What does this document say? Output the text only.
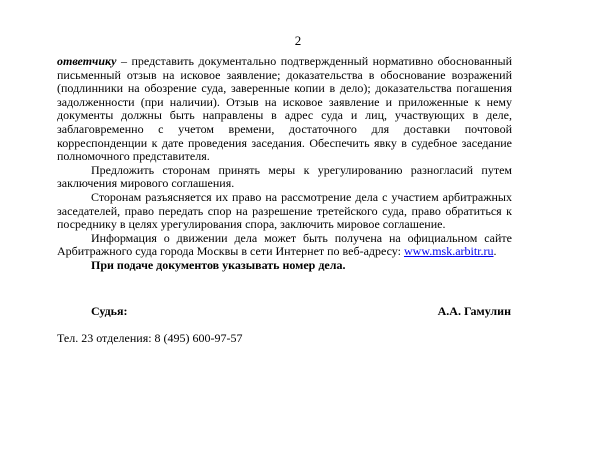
2

ответчику – представить документально подтвержденный нормативно обоснованный письменный отзыв на исковое заявление; доказательства в обоснование возражений (подлинники на обозрение суда, заверенные копии в дело); доказательства погашения задолженности (при наличии). Отзыв на исковое заявление и приложенные к нему документы должны быть направлены в адрес суда и лиц, участвующих в деле, заблаговременно с учетом времени, достаточного для доставки почтовой корреспонденции к дате проведения заседания. Обеспечить явку в судебное заседание полномочного представителя.

Предложить сторонам принять меры к урегулированию разногласий путем заключения мирового соглашения.

Сторонам разъясняется их право на рассмотрение дела с участием арбитражных заседателей, право передать спор на разрешение третейского суда, право обратиться к посреднику в целях урегулирования спора, заключить мировое соглашение.

Информация о движении дела может быть получена на официальном сайте Арбитражного суда города Москвы в сети Интернет по веб-адресу: www.msk.arbitr.ru.

При подаче документов указывать номер дела.

Судья:	А.А. Гамулин
Тел. 23 отделения: 8 (495) 600-97-57
